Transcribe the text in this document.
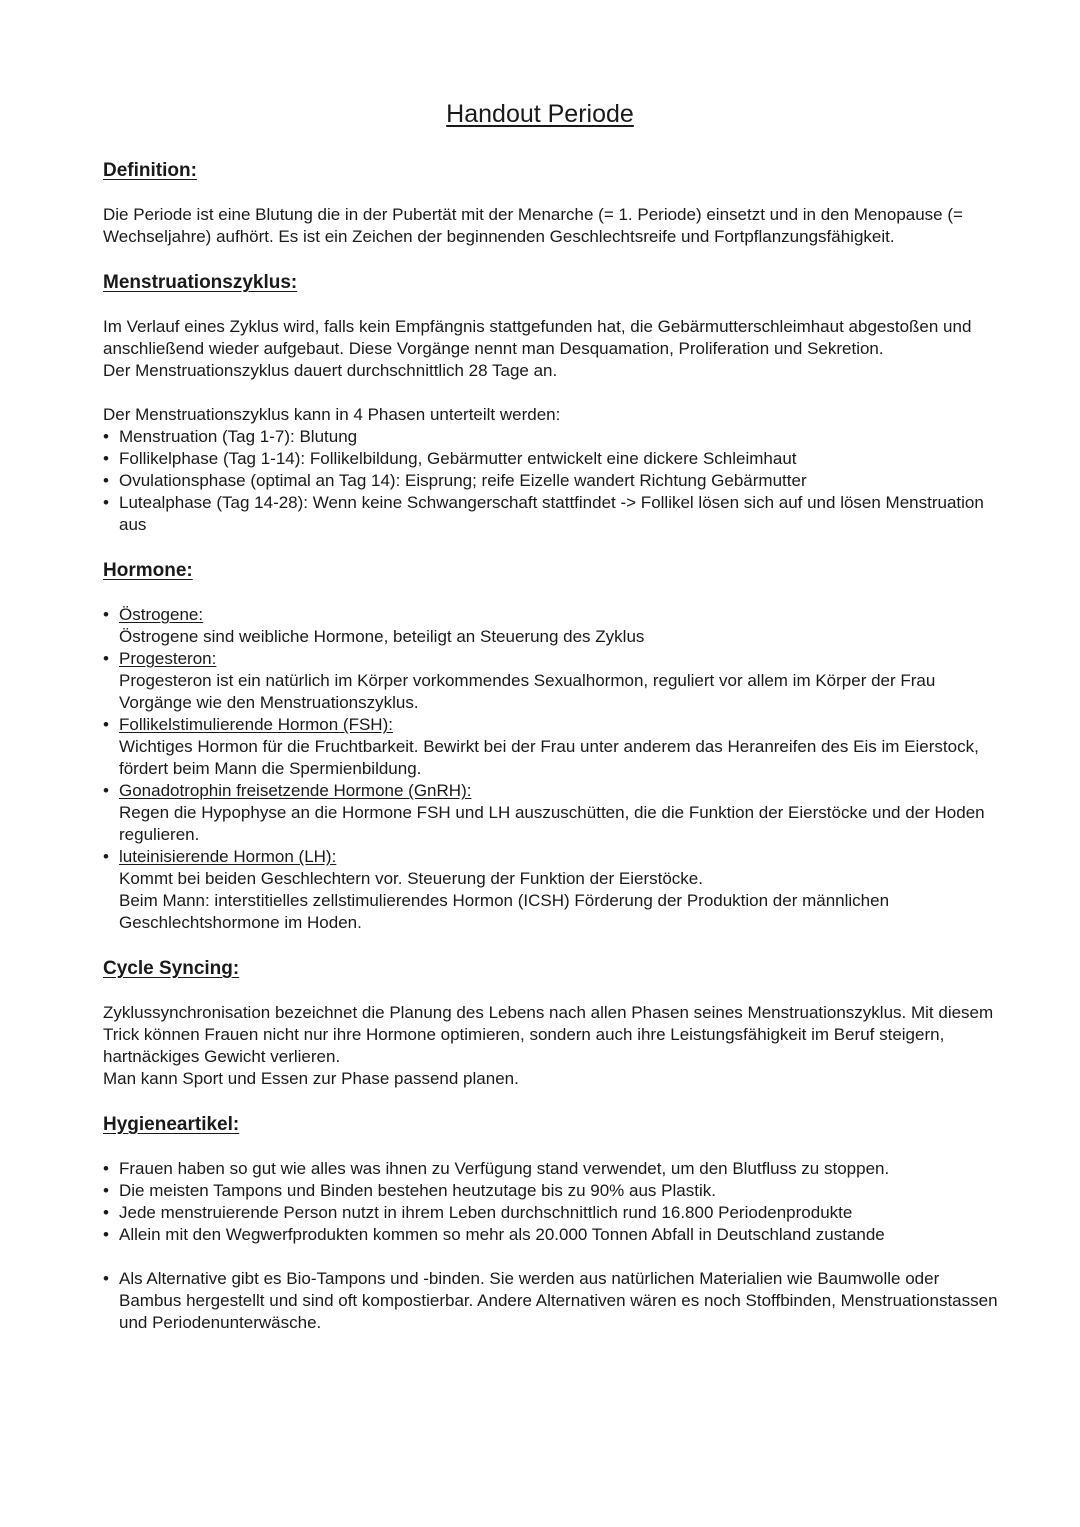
Handout Periode
Definition:

Die Periode ist eine Blutung die in der Pubertät mit der Menarche (= 1. Periode) einsetzt und in den Menopause (= Wechseljahre) aufhört. Es ist ein Zeichen der beginnenden Geschlechtsreife und Fortpflanzungsfähigkeit.

Menstruationszyklus:

Im Verlauf eines Zyklus wird, falls kein Empfängnis stattgefunden hat, die Gebärmutterschleimhaut abgestoßen und anschließend wieder aufgebaut. Diese Vorgänge nennt man Desquamation, Proliferation und Sekretion.

Der Menstruationszyklus dauert durchschnittlich 28 Tage an.

Der Menstruationszyklus kann in 4 Phasen unterteilt werden:

• Menstruation (Tag 1-7): Blutung
• Follikelphase (Tag 1-14): Follikelbildung, Gebärmutter entwickelt eine dickere Schleimhaut
• Ovulationsphase (optimal an Tag 14): Eisprung; reife Eizelle wandert Richtung Gebärmutter
• Lutealphase (Tag 14-28): Wenn keine Schwangerschaft stattfindet -> Follikel lösen sich auf und lösen Menstruation aus
Hormone:
• Östrogene:
Östrogene sind weibliche Hormone, beteiligt an Steuerung des Zyklus
• Progesteron:
Progesteron ist ein natürlich im Körper vorkommendes Sexualhormon, reguliert vor allem im Körper der Frau Vorgänge wie den Menstruationszyklus.
• Follikelstimulierende Hormon (FSH):
Wichtiges Hormon für die Fruchtbarkeit. Bewirkt bei der Frau unter anderem das Heranreifen des Eis im Eierstock, fördert beim Mann die Spermienbildung.
• Gonadotrophin freisetzende Hormone (GnRH):
Regen die Hypophyse an die Hormone FSH und LH auszuschütten, die die Funktion der Eierstöcke und der Hoden regulieren.
• luteinisierende Hormon (LH):
Kommt bei beiden Geschlechtern vor. Steuerung der Funktion der Eierstöcke.
Beim Mann: interstitielles zellstimulierendes Hormon (ICSH) Förderung der Produktion der männlichen Geschlechtshormone im Hoden.
Cycle Syncing:

Zyklussynchronisation bezeichnet die Planung des Lebens nach allen Phasen seines Menstruationszyklus. Mit diesem Trick können Frauen nicht nur ihre Hormone optimieren, sondern auch ihre Leistungsfähigkeit im Beruf steigern, hartnäckiges Gewicht verlieren.

Man kann Sport und Essen zur Phase passend planen.

Hygieneartikel:
• Frauen haben so gut wie alles was ihnen zu Verfügung stand verwendet, um den Blutfluss zu stoppen.
• Die meisten Tampons und Binden bestehen heutzutage bis zu 90% aus Plastik.
• Jede menstruierende Person nutzt in ihrem Leben durchschnittlich rund 16.800 Periodenprodukte
• Allein mit den Wegwerfprodukten kommen so mehr als 20.000 Tonnen Abfall in Deutschland zustande
• Als Alternative gibt es Bio-Tampons und -binden. Sie werden aus natürlichen Materialien wie Baumwolle oder Bambus hergestellt und sind oft kompostierbar. Andere Alternativen wären es noch Stoffbinden, Menstruationstassen und Periodenunterwäsche.
